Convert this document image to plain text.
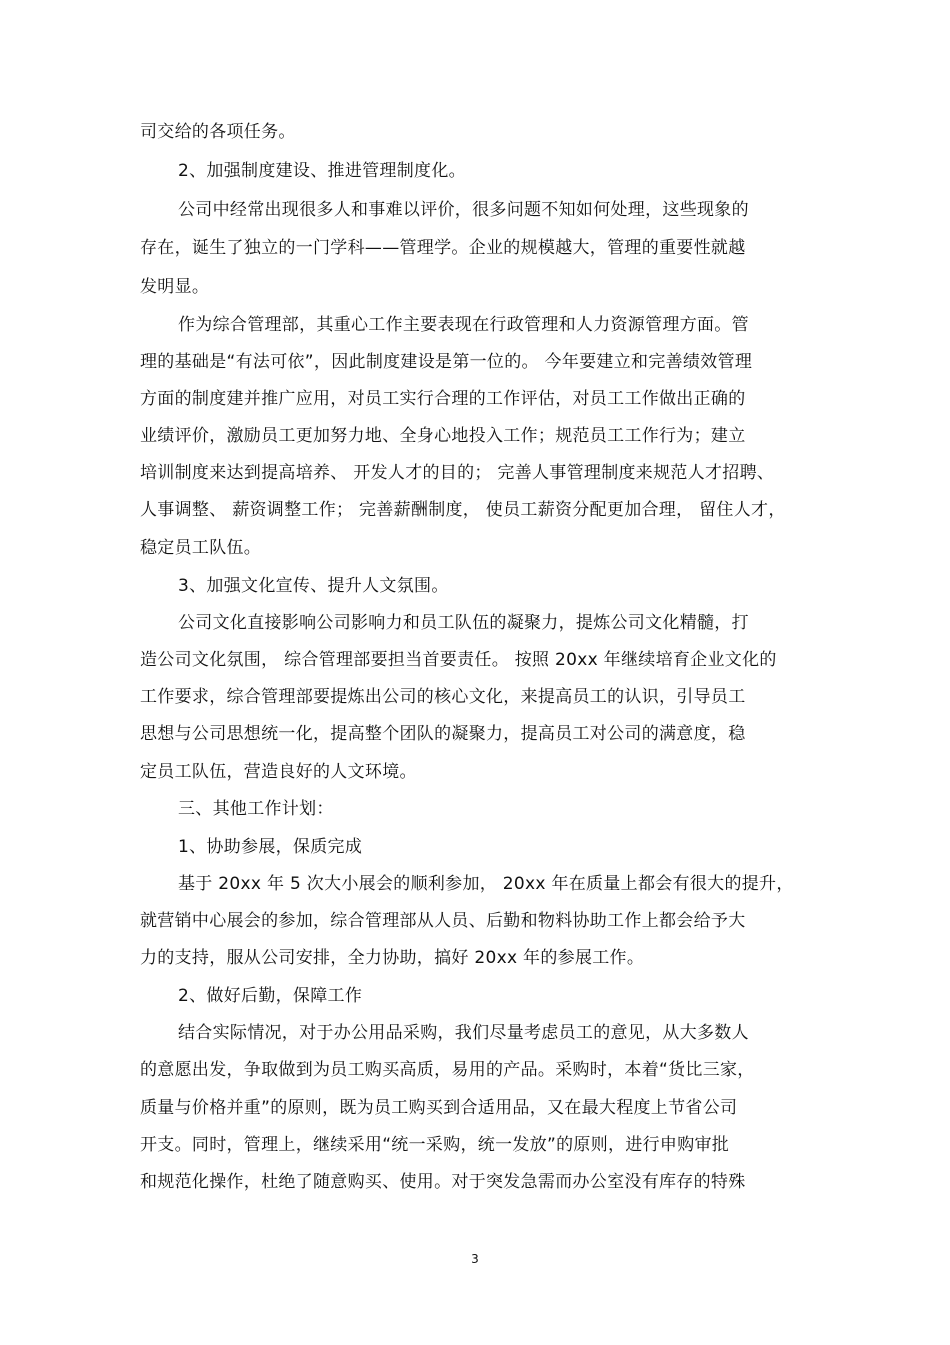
司交给的各项任务。
2、加强制度建设、推进管理制度化。
公司中经常出现很多人和事难以评价，很多问题不知如何处理，这些现象的
存在，诞生了独立的一门学科——管理学。企业的规模越大，管理的重要性就越
发明显。
作为综合管理部，其重心工作主要表现在行政管理和人力资源管理方面。管
理的基础是“有法可依”，因此制度建设是第一位的。 今年要建立和完善绩效管理
方面的制度建并推广应用，对员工实行合理的工作评估，对员工工作做出正确的
业绩评价，激励员工更加努力地、全身心地投入工作；规范员工工作行为；建立
培训制度来达到提高培养、 开发人才的目的； 完善人事管理制度来规范人才招聘、
人事调整、 薪资调整工作； 完善薪酬制度， 使员工薪资分配更加合理， 留住人才，
稳定员工队伍。
3、加强文化宣传、提升人文氛围。
公司文化直接影响公司影响力和员工队伍的凝聚力，提炼公司文化精髓，打
造公司文化氛围， 综合管理部要担当首要责任。 按照 20xx 年继续培育企业文化的
工作要求，综合管理部要提炼出公司的核心文化，来提高员工的认识，引导员工
思想与公司思想统一化，提高整个团队的凝聚力，提高员工对公司的满意度，稳
定员工队伍，营造良好的人文环境。
三、其他工作计划：
1、协助参展，保质完成
基于 20xx 年 5 次大小展会的顺利参加， 20xx 年在质量上都会有很大的提升，
就营销中心展会的参加，综合管理部从人员、后勤和物料协助工作上都会给予大
力的支持，服从公司安排，全力协助，搞好 20xx 年的参展工作。
2、做好后勤，保障工作
结合实际情况，对于办公用品采购，我们尽量考虑员工的意见，从大多数人
的意愿出发，争取做到为员工购买高质，易用的产品。采购时，本着“货比三家，
质量与价格并重”的原则，既为员工购买到合适用品，又在最大程度上节省公司
开支。同时，管理上，继续采用“统一采购，统一发放”的原则，进行申购审批
和规范化操作，杜绝了随意购买、使用。对于突发急需而办公室没有库存的特殊
3
